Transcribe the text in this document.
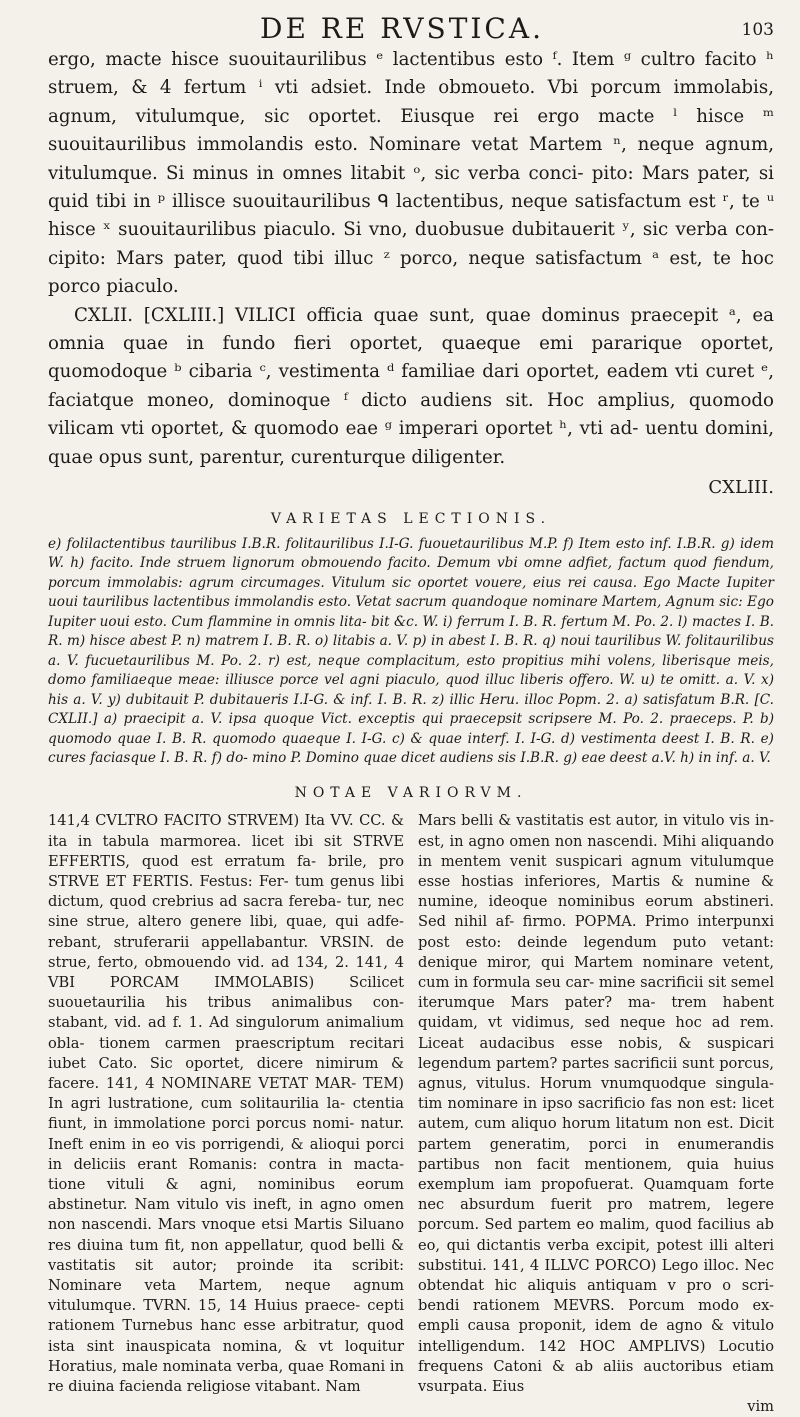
DE RE RVSTICA.	103

ergo, macte hisce suouitaurilibus ᵉ lactentibus esto ᶠ. Item ᵍ cultro facito ʰ struem, & 4 fertum ⁱ vti adsiet. Inde obmoueto. Vbi porcum immolabis, agnum, vitulumque, sic oportet. Eiusque rei ergo macte ˡ hisce ᵐ suouitaurilibus immolandis esto. Nominare vetat Martem ⁿ, neque agnum, vitulumque. Si minus in omnes litabit ᵒ, sic verba conci- pito: Mars pater, si quid tibi in ᵖ illisce suouitaurilibus ᑫ lactentibus, neque satisfactum est ʳ, te ᵘ hisce ˣ suouitaurilibus piaculo. Si vno, duobusue dubitauerit ʸ, sic verba con- cipito: Mars pater, quod tibi illuc ᶻ porco, neque satisfactum ᵃ est, te hoc porco piaculo.

CXLII. [CXLIII.] VILICI officia quae sunt, quae dominus praecepit ᵃ, ea omnia quae in fundo fieri oportet, quaeque emi pararique oportet, quomodoque ᵇ cibaria ᶜ, vestimenta ᵈ familiae dari oportet, eadem vti curet ᵉ, faciatque moneo, dominoque ᶠ dicto audiens sit. Hoc amplius, quomodo vilicam vti oportet, & quomodo eae ᵍ imperari oportet ʰ, vti ad- uentu domini, quae opus sunt, parentur, curenturque diligenter.

CXLIII.
VARIETAS LECTIONIS.
e) folilactentibus taurilibus I.B.R. folitaurilibus I.I-G. fuouetaurilibus M.P. f) Item esto inf. I.B.R. g) idem W. h) facito. Inde struem lignorum obmouendo facito. Demum vbi omne adfiet, factum quod fiendum, porcum immolabis: agrum circumages. Vitulum sic oportet vouere, eius rei causa. Ego Macte Iupiter uoui taurilibus lactentibus immolandis esto. Vetat sacrum quandoque nominare Martem, Agnum sic: Ego Iupiter uoui esto. Cum flammine in omnis lita- bit &c. W. i) ferrum I. B. R. fertum M. Po. 2. l) mactes I. B. R. m) hisce abest P. n) matrem I. B. R. o) litabis a. V. p) in abest I. B. R. q) noui taurilibus W. folitaurilibus a. V. fucuetaurilibus M. Po. 2. r) est, neque complacitum, esto propitius mihi volens, liberisque meis, domo familiaeque meae: illiusce porce vel agni piaculo, quod illuc liberis offero. W. u) te omitt. a. V. x) his a. V. y) dubitauit P. dubitaueris I.I-G. & inf. I. B. R. z) illic Heru. illoc Popm. 2. a) satisfatum B.R. [C. CXLII.] a) praecipit a. V. ipsa quoque Vict. exceptis qui praecepsit scripsere M. Po. 2. praeceps. P. b) quomodo quae I. B. R. quomodo quaeque I. I-G. c) & quae interf. I. I-G. d) vestimenta deest I. B. R. e) cures faciasque I. B. R. f) do- mino P. Domino quae dicet audiens sis I.B.R. g) eae deest a.V. h) in inf. a. V.
NOTAE VARIORVM.

141,4 CVLTRO FACITO STRVEM) Ita VV. CC. & ita in tabula marmorea. licet ibi sit STRVE EFFERTIS, quod est erratum fa- brile, pro STRVE ET FERTIS. Festus: Fer- tum genus libi dictum, quod crebrius ad sacra fereba- tur, nec sine strue, altero genere libi, quae, qui adfe- rebant, struferarii appellabantur. VRSIN. de strue, ferto, obmouendo vid. ad 134, 2. 141, 4 VBI PORCAM IMMOLABIS) Scilicet suouetaurilia his tribus animalibus con- stabant, vid. ad f. 1. Ad singulorum animalium obla- tionem carmen praescriptum recitari iubet Cato. Sic oportet, dicere nimirum & facere. 141, 4 NOMINARE VETAT MAR- TEM) In agri lustratione, cum solitaurilia la- ctentia fiunt, in immolatione porci porcus nomi- natur. Ineft enim in eo vis porrigendi, & alioqui porci in deliciis erant Romanis: contra in macta- tione vituli & agni, nominibus eorum abstinetur. Nam vitulo vis ineft, in agno omen non nascendi. Mars vnoque etsi Martis Siluano res diuina tum fit, non appellatur, quod belli & vastitatis sit autor; proinde ita scribit: Nominare veta Martem, neque agnum vitulumque. TVRN. 15, 14 Huius praece- cepti rationem Turnebus hanc esse arbitratur, quod ista sint inauspicata nomina, & vt loquitur Horatius, male nominata verba, quae Romani in re diuina facienda religiose vitabant. Nam

Mars belli & vastitatis est autor, in vitulo vis in- est, in agno omen non nascendi. Mihi aliquando in mentem venit suspicari agnum vitulumque esse hostias inferiores, Martis & numine & numine, ideoque nominibus eorum abstineri. Sed nihil af- firmo. POPMA. Primo interpunxi post esto: deinde legendum puto vetant: denique miror, qui Martem nominare vetent, cum in formula seu car- mine sacrificii sit semel iterumque Mars pater? ma- trem habent quidam, vt vidimus, sed neque hoc ad rem. Liceat audacibus esse nobis, & suspicari legendum partem? partes sacrificii sunt porcus, agnus, vitulus. Horum vnumquodque singula- tim nominare in ipso sacrificio fas non est: licet autem, cum aliquo horum litatum non est. Dicit partem generatim, porci in enumerandis partibus non facit mentionem, quia huius exemplum iam propofuerat. Quamquam forte nec absurdum fuerit pro matrem, legere porcum. Sed partem eo malim, quod facilius ab eo, qui dictantis verba excipit, potest illi alteri substitui. 141, 4 ILLVC PORCO) Lego illoc. Nec obtendat hic aliquis antiquam v pro o scri- bendi rationem MEVRS. Porcum modo ex- empli causa proponit, idem de agno & vitulo intelligendum. 142 HOC AMPLIVS) Locutio frequens Catoni & ab aliis auctoribus etiam vsurpata. Eius

vim
